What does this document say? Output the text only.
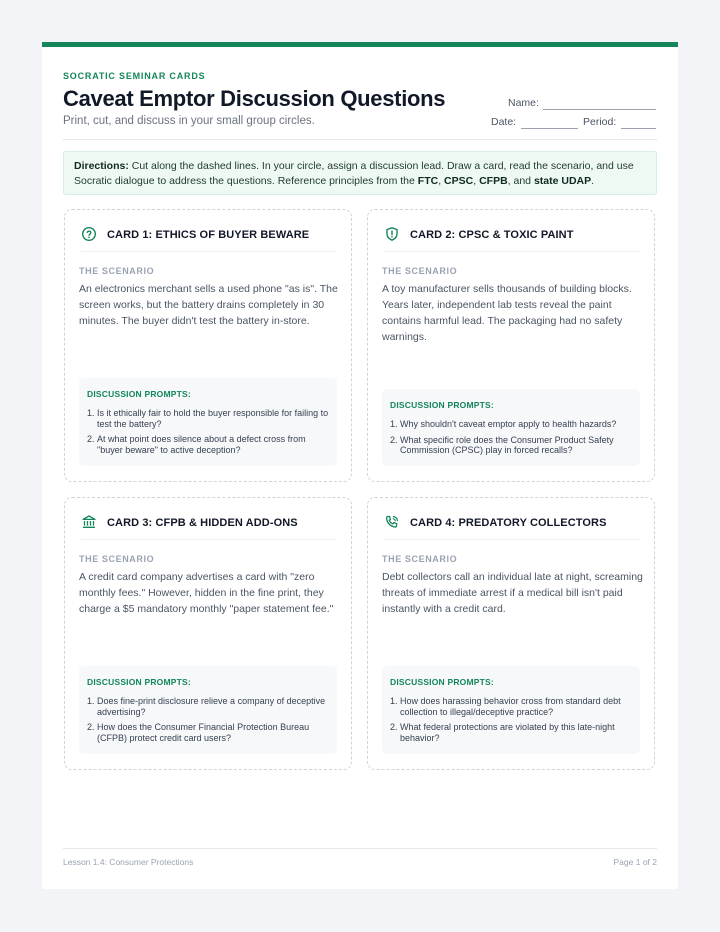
SOCRATIC SEMINAR CARDS
Caveat Emptor Discussion Questions
Print, cut, and discuss in your small group circles.
Name:
Date:	Period:
Directions: Cut along the dashed lines. In your circle, assign a discussion lead. Draw a card, read the scenario, and use Socratic dialogue to address the questions. Reference principles from the FTC, CPSC, CFPB, and state UDAP.
CARD 1: ETHICS OF BUYER BEWARE
THE SCENARIO
An electronics merchant sells a used phone "as is". The screen works, but the battery drains completely in 30 minutes. The buyer didn't test the battery in-store.
DISCUSSION PROMPTS:
1. Is it ethically fair to hold the buyer responsible for failing to test the battery?
2. At what point does silence about a defect cross from "buyer beware" to active deception?
CARD 2: CPSC & TOXIC PAINT
THE SCENARIO
A toy manufacturer sells thousands of building blocks. Years later, independent lab tests reveal the paint contains harmful lead. The packaging had no safety warnings.
DISCUSSION PROMPTS:
1. Why shouldn't caveat emptor apply to health hazards?
2. What specific role does the Consumer Product Safety Commission (CPSC) play in forced recalls?
CARD 3: CFPB & HIDDEN ADD-ONS
THE SCENARIO
A credit card company advertises a card with "zero monthly fees." However, hidden in the fine print, they charge a $5 mandatory monthly "paper statement fee."
DISCUSSION PROMPTS:
1. Does fine-print disclosure relieve a company of deceptive advertising?
2. How does the Consumer Financial Protection Bureau (CFPB) protect credit card users?
CARD 4: PREDATORY COLLECTORS
THE SCENARIO
Debt collectors call an individual late at night, screaming threats of immediate arrest if a medical bill isn't paid instantly with a credit card.
DISCUSSION PROMPTS:
1. How does harassing behavior cross from standard debt collection to illegal/deceptive practice?
2. What federal protections are violated by this late-night behavior?
Lesson 1.4: Consumer Protections	Page 1 of 2
